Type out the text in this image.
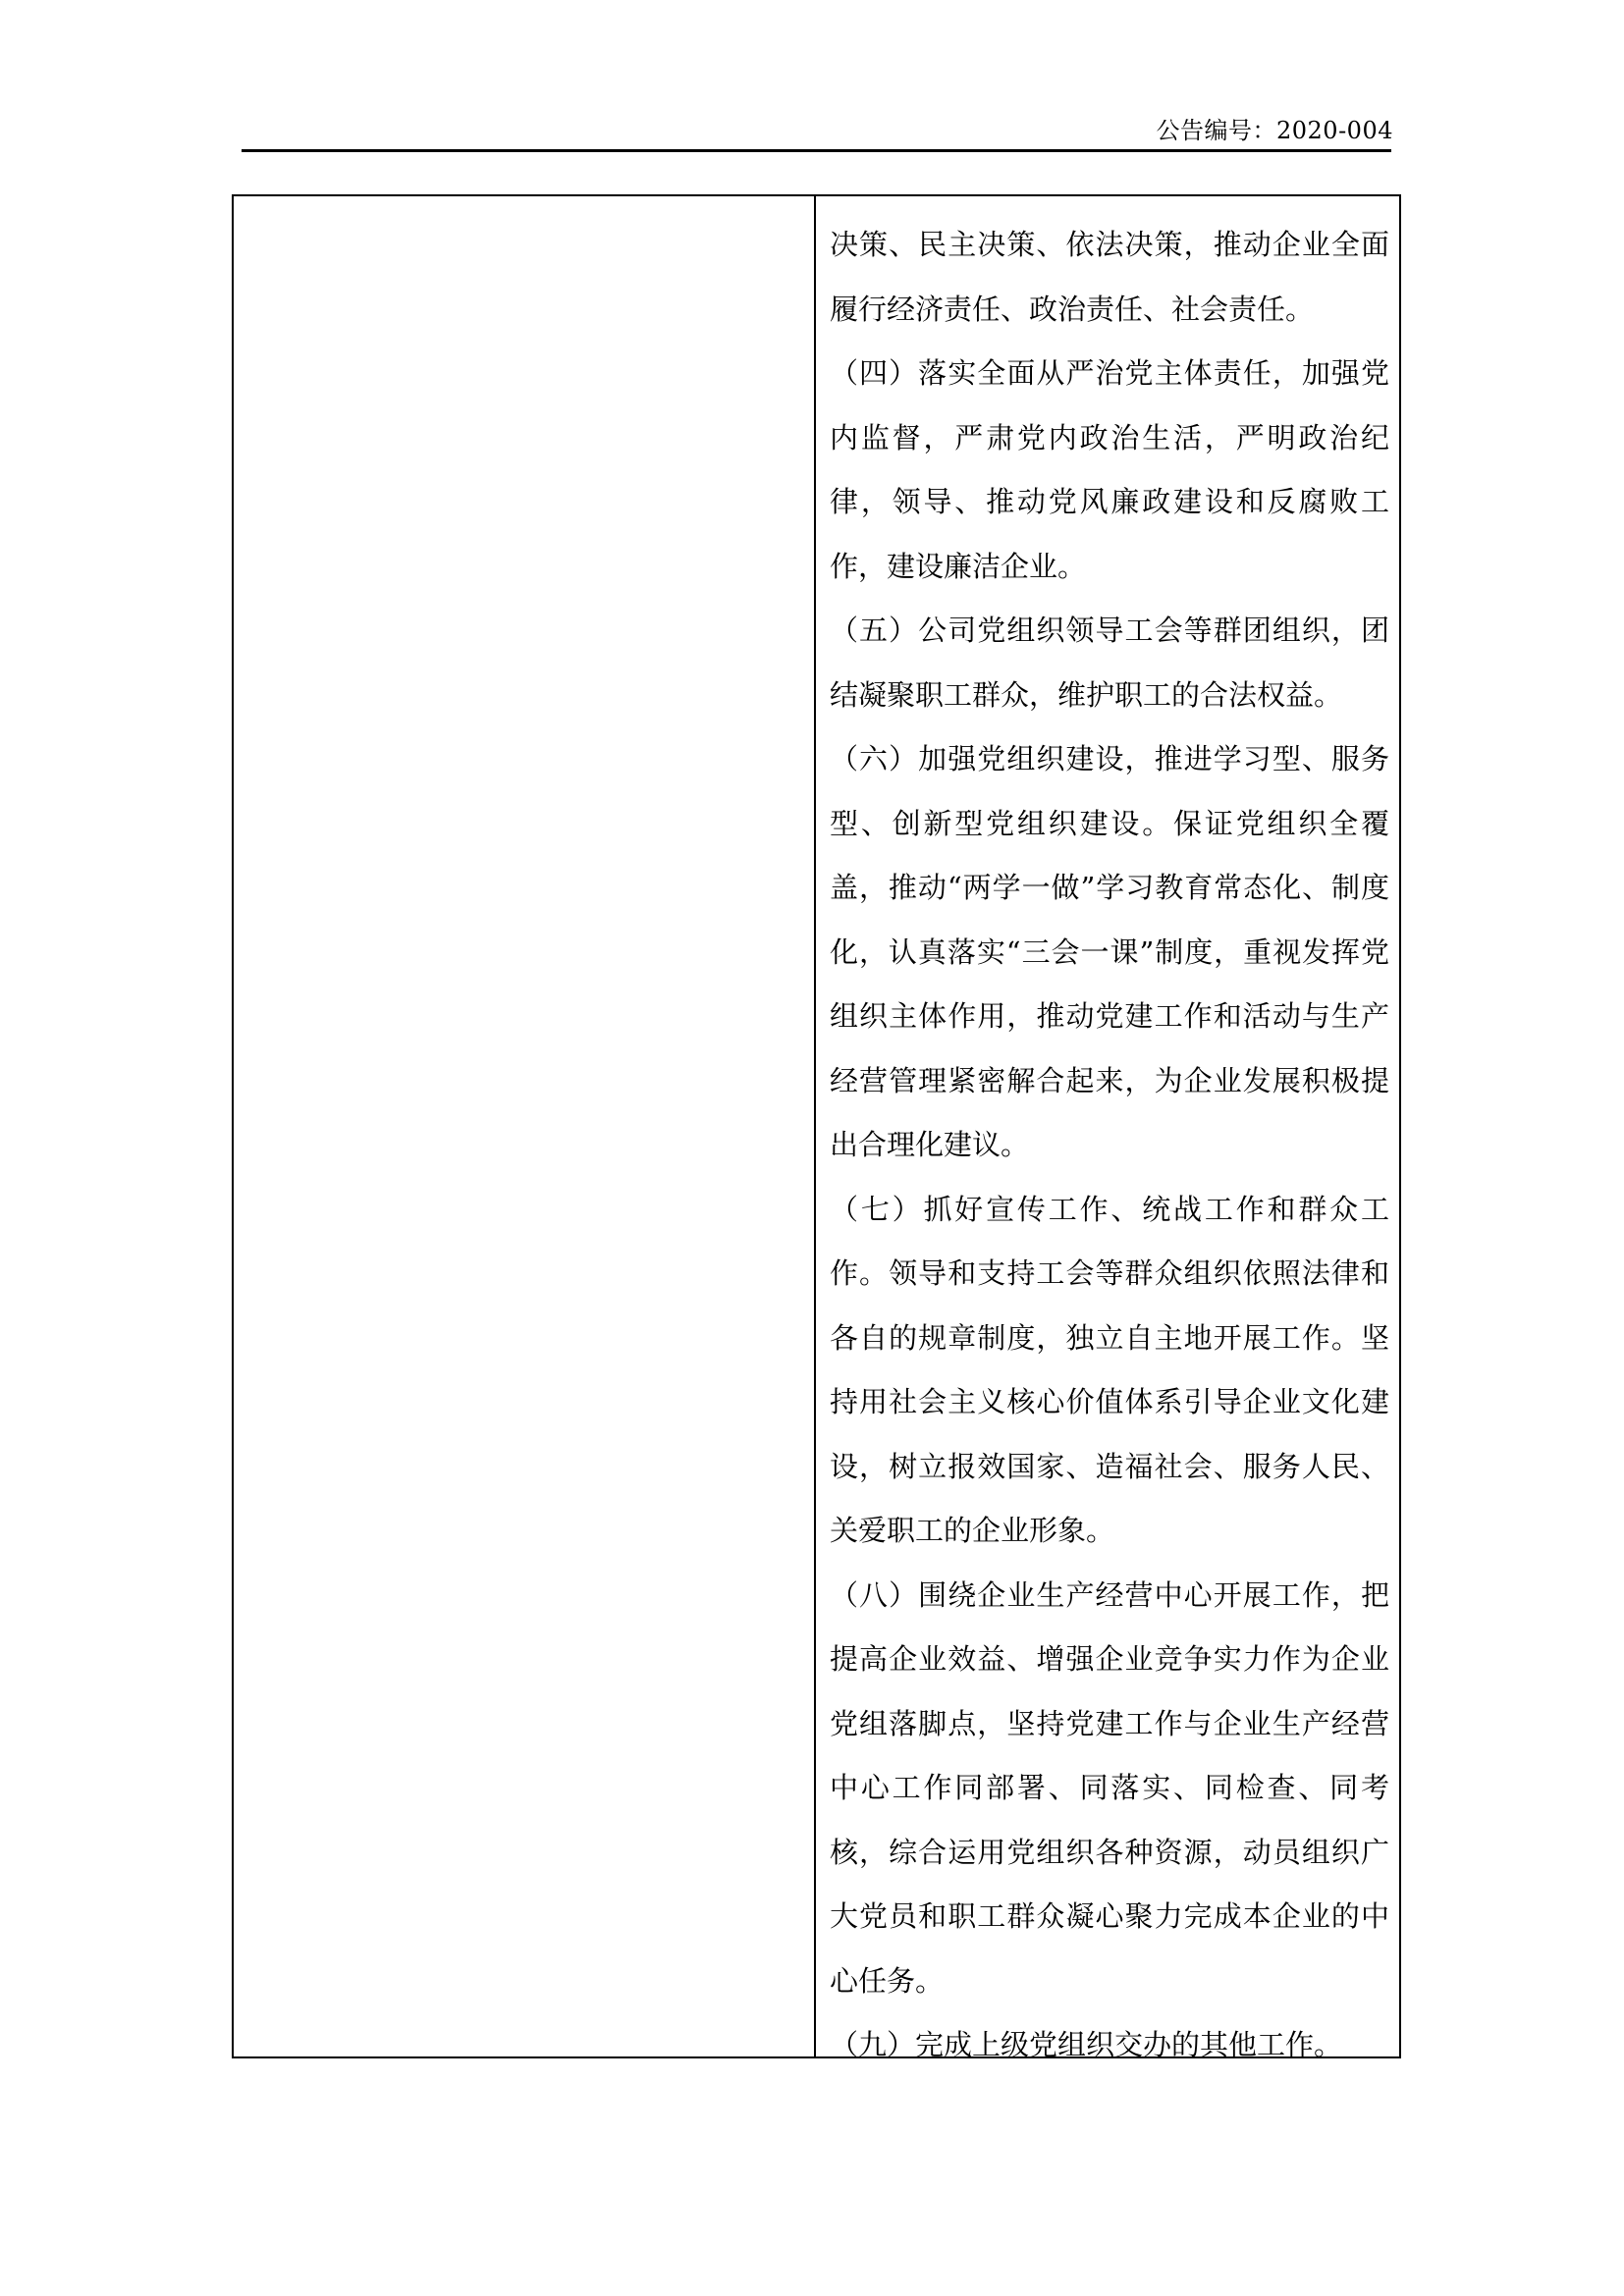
公告编号：2020-004

决策、民主决策、依法决策，推动企业全面履行经济责任、政治责任、社会责任。

（四）落实全面从严治党主体责任，加强党内监督，严肃党内政治生活，严明政治纪律，领导、推动党风廉政建设和反腐败工作，建设廉洁企业。

（五）公司党组织领导工会等群团组织，团结凝聚职工群众，维护职工的合法权益。

（六）加强党组织建设，推进学习型、服务型、创新型党组织建设。保证党组织全覆盖，推动“两学一做”学习教育常态化、制度化，认真落实“三会一课”制度，重视发挥党组织主体作用，推动党建工作和活动与生产经营管理紧密解合起来，为企业发展积极提出合理化建议。

（七）抓好宣传工作、统战工作和群众工作。领导和支持工会等群众组织依照法律和各自的规章制度，独立自主地开展工作。坚持用社会主义核心价值体系引导企业文化建设，树立报效国家、造福社会、服务人民、关爱职工的企业形象。

（八）围绕企业生产经营中心开展工作，把提高企业效益、增强企业竞争实力作为企业党组落脚点，坚持党建工作与企业生产经营中心工作同部署、同落实、同检查、同考核，综合运用党组织各种资源，动员组织广大党员和职工群众凝心聚力完成本企业的中心任务。

（九）完成上级党组织交办的其他工作。
